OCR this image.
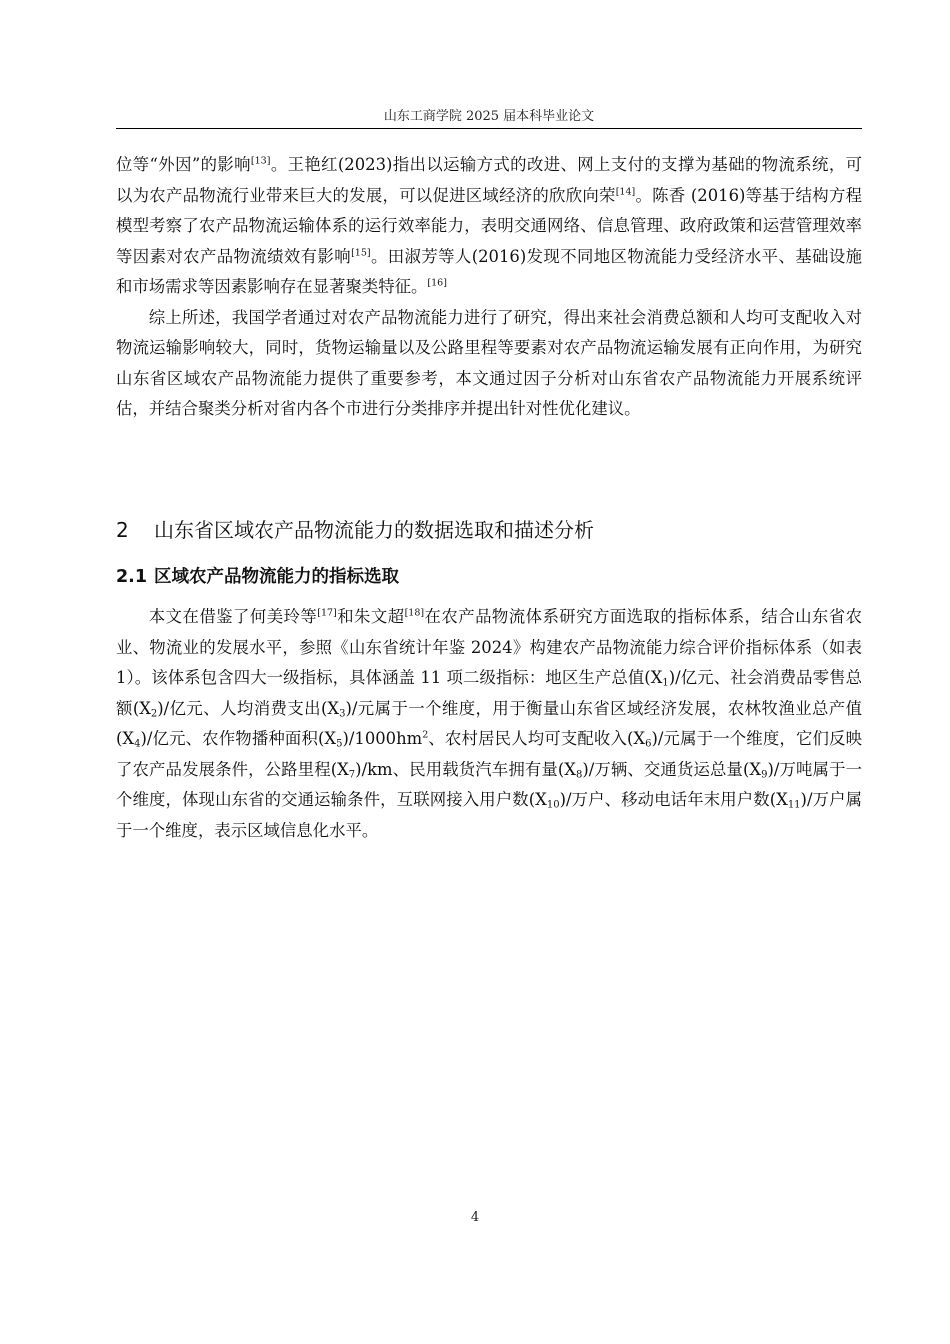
山东工商学院 2025 届本科毕业论文

位等“外因”的影响[13]。王艳红(2023)指出以运输方式的改进、网上支付的支撑为基础的物流系统，可以为农产品物流行业带来巨大的发展，可以促进区域经济的欣欣向荣[14]。陈香 (2016)等基于结构方程模型考察了农产品物流运输体系的运行效率能力，表明交通网络、信息管理、政府政策和运营管理效率等因素对农产品物流绩效有影响[15]。田淑芳等人(2016)发现不同地区物流能力受经济水平、基础设施和市场需求等因素影响存在显著聚类特征。[16]

综上所述，我国学者通过对农产品物流能力进行了研究，得出来社会消费总额和人均可支配收入对物流运输影响较大，同时，货物运输量以及公路里程等要素对农产品物流运输发展有正向作用，为研究山东省区域农产品物流能力提供了重要参考，本文通过因子分析对山东省农产品物流能力开展系统评估，并结合聚类分析对省内各个市进行分类排序并提出针对性优化建议。

2 山东省区域农产品物流能力的数据选取和描述分析
2.1 区域农产品物流能力的指标选取

本文在借鉴了何美玲等[17]和朱文超[18]在农产品物流体系研究方面选取的指标体系，结合山东省农业、物流业的发展水平，参照《山东省统计年鉴 2024》构建农产品物流能力综合评价指标体系（如表 1）。该体系包含四大一级指标，具体涵盖 11 项二级指标：地区生产总值$(X_1)/$亿元、社会消费品零售总额$(X_2)/$亿元、人均消费支出$(X_3)/$元属于一个维度，用于衡量山东省区域经济发展，农林牧渔业总产值$(X_4)/$亿元、农作物播种面积$(X_5)/1000hm^2$、农村居民人均可支配收入$(X_6)/$元属于一个维度，它们反映了农产品发展条件，公路里程$(X_7)/km$、民用载货汽车拥有量$(X_8)/$万辆、交通货运总量$(X_9)/$万吨属于一个维度，体现山东省的交通运输条件，互联网接入用户数$(X_{10})/$万户、移动电话年末用户数$(X_{11})/$万户属于一个维度，表示区域信息化水平。

4
